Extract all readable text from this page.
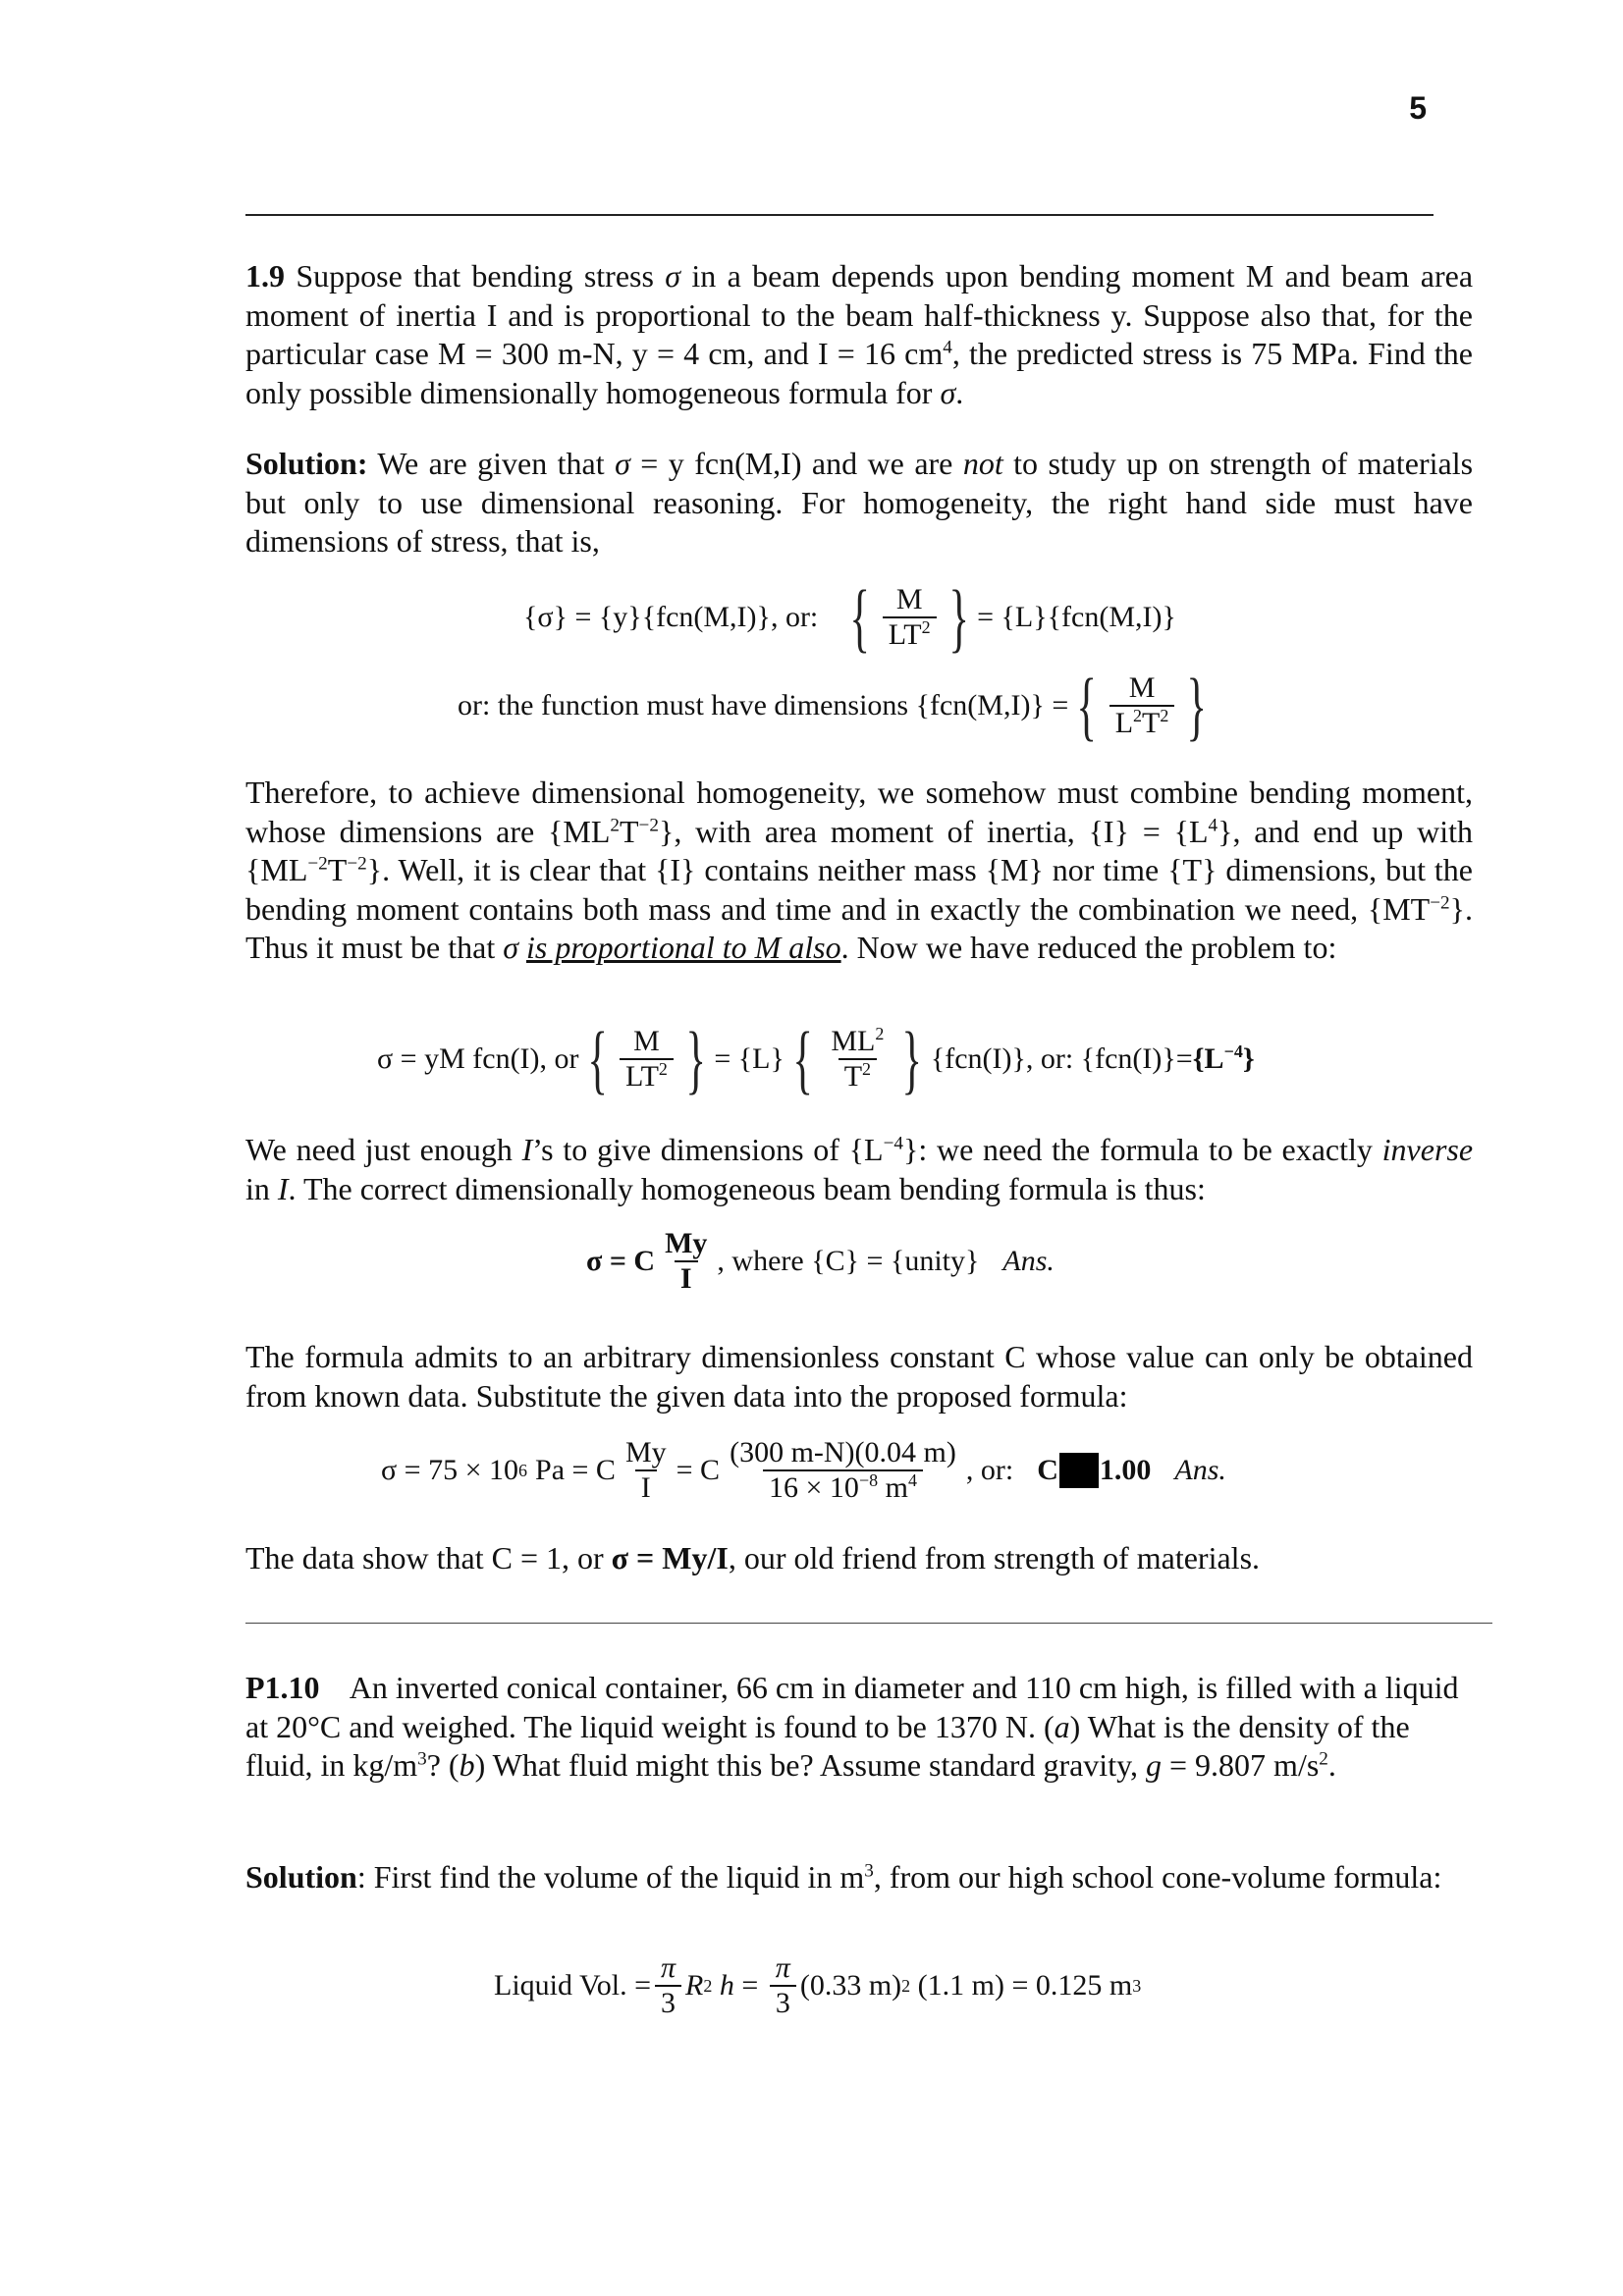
5
1.9 Suppose that bending stress σ in a beam depends upon bending moment M and beam area moment of inertia I and is proportional to the beam half-thickness y. Suppose also that, for the particular case M = 300 m-N, y = 4 cm, and I = 16 $cm^4$, the predicted stress is 75 MPa. Find the only possible dimensionally homogeneous formula for σ.
Solution: We are given that σ = y fcn(M,I) and we are not to study up on strength of materials but only to use dimensional reasoning. For homogeneity, the right hand side must have dimensions of stress, that is,
{σ} = {y}{fcn(M,I)}, or: { $\frac{M}{LT^2}$ } = {L}{fcn(M,I)}
or: the function must have dimensions {fcn(M,I)} = { $\frac{M}{L^2T^2}$ }
Therefore, to achieve dimensional homogeneity, we somehow must combine bending moment, whose dimensions are $\{ML^2T^{-2}\}$, with area moment of inertia, $\{I\} = \{L^4\}$, and end up with $\{ML^{-2}T^{-2}\}$. Well, it is clear that {I} contains neither mass {M} nor time {T} dimensions, but the bending moment contains both mass and time and in exactly the combination we need, $\{MT^{-2}\}$. Thus it must be that σ is proportional to M also. Now we have reduced the problem to:
σ = yM fcn(I), or { $\frac{M}{LT^2}$ } = {L} { $\frac{ML^2}{T^2}$ } {fcn(I)}, or: $\{fcn(I)\}= \{L^{-4}\}$
We need just enough I’s to give dimensions of $\{L^{-4}\}$: we need the formula to be exactly inverse in I. The correct dimensionally homogeneous beam bending formula is thus:
σ = C $\frac{My}{I}$ , where {C} = {unity} Ans.
The formula admits to an arbitrary dimensionless constant C whose value can only be obtained from known data. Substitute the given data into the proposed formula:
σ = 75 × 10 6 Pa = C $\frac{My}{I} = C \frac{(300 m-N)(0.04 m)}{16 \times 10^{-8} m^4}$ , or: C 1.00 Ans.
The data show that C = 1, or σ = My/I, our old friend from strength of materials.
P1.10 An inverted conical container, 66 cm in diameter and 110 cm high, is filled with a liquid at 20°C and weighed. The liquid weight is found to be 1370 N. (a) What is the density of the fluid, in $kg/m^3$? (b) What fluid might this be? Assume standard gravity, g = 9.807 $m/s^2$.
Solution: First find the volume of the liquid in $m^3$, from our high school cone-volume formula:
Liquid Vol. = $\frac{\pi}{3}$ R 2
h
=
$\frac{\pi}{3} (0.33$ m) 2
(1.1 m) = 0.125 m 3
